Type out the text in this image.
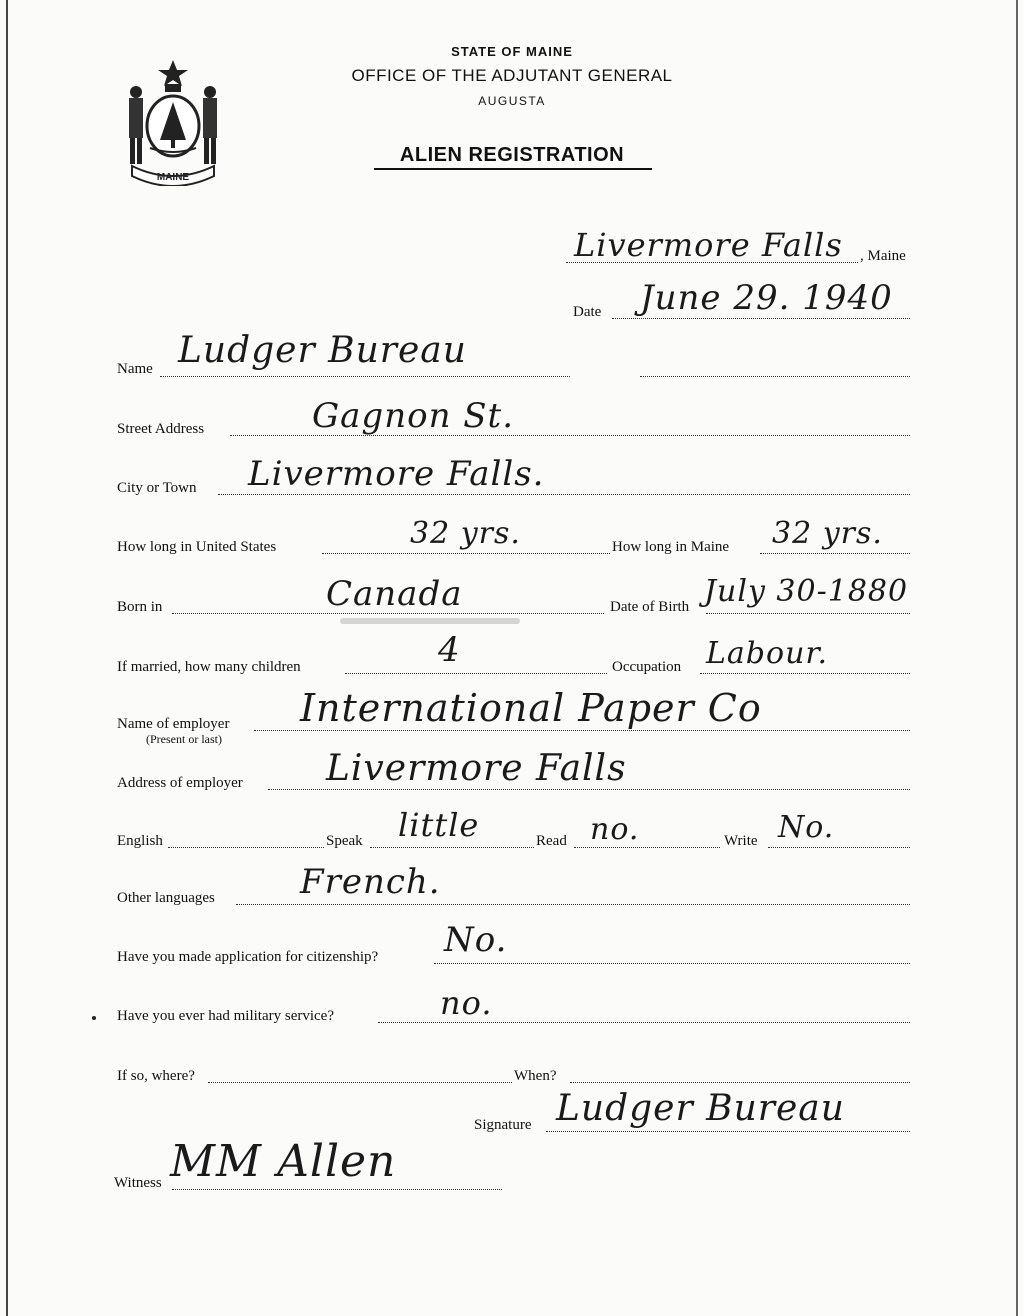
MAINE
STATE OF MAINE
OFFICE OF THE ADJUTANT GENERAL
AUGUSTA
ALIEN REGISTRATION
Livermore Falls , Maine
Date June 29. 1940
Name Ludger Bureau
Street Address	Gagnon St.
City or Town Livermore Falls.
How long in United States	32 yrs.	How long in Maine 32 yrs.
Born in	Canada	Date of Birth July 30-1880
If married, how many children	4	Occupation Labour.
Name of employer
(Present or last)
International Paper Co
Address of employer Livermore Falls
English	Speak little	Read no.	Write No.
Other languages	French.
Have you made application for citizenship? No.
Have you ever had military service?	no.
If so, where?	When?
Signature Ludger Bureau
Witness MM Allen
